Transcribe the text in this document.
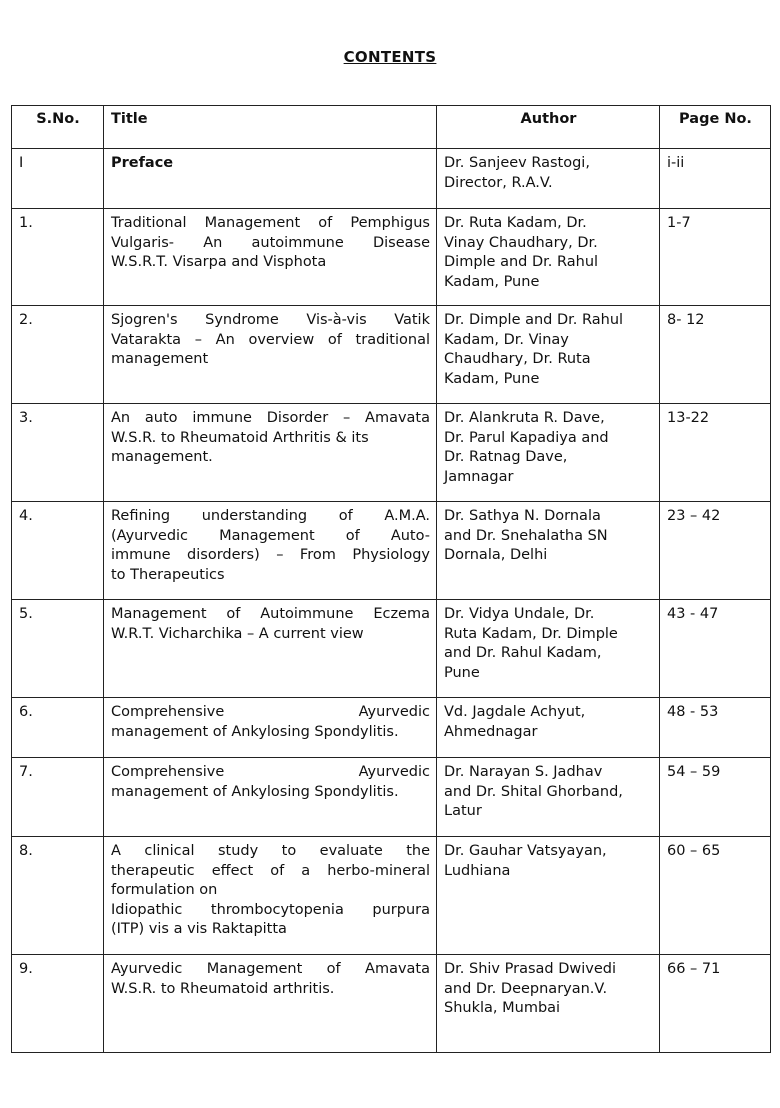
CONTENTS
S.No.	Title	Author	Page No.
I	Preface	Dr. Sanjeev Rastogi,
Director, R.A.V.	i-ii
1.	Traditional Management of Pemphigus
Vulgaris- An autoimmune Disease
W.S.R.T. Visarpa and Visphota	Dr. Ruta Kadam, Dr.
Vinay Chaudhary, Dr.
Dimple and Dr. Rahul
Kadam, Pune	1-7
2.	Sjogren's Syndrome Vis-à-vis Vatik
Vatarakta – An overview of traditional
management	Dr. Dimple and Dr. Rahul
Kadam, Dr. Vinay
Chaudhary, Dr. Ruta
Kadam, Pune	8- 12
3.	An auto immune Disorder – Amavata
W.S.R. to Rheumatoid Arthritis & its
management.	Dr. Alankruta R. Dave,
Dr. Parul Kapadiya and
Dr. Ratnag Dave,
Jamnagar	13-22
4.	Refining understanding of A.M.A.
(Ayurvedic Management of Auto-
immune disorders) – From Physiology
to Therapeutics	Dr. Sathya N. Dornala
and Dr. Snehalatha SN
Dornala, Delhi	23 – 42
5.	Management of Autoimmune Eczema
W.R.T. Vicharchika – A current view	Dr. Vidya Undale, Dr.
Ruta Kadam, Dr. Dimple
and Dr. Rahul Kadam,
Pune	43 - 47
6.	Comprehensive Ayurvedic
management of Ankylosing Spondylitis.	Vd. Jagdale Achyut,
Ahmednagar	48 - 53
7.	Comprehensive Ayurvedic
management of Ankylosing Spondylitis.	Dr. Narayan S. Jadhav
and Dr. Shital Ghorband,
Latur	54 – 59
8.	A clinical study to evaluate the
therapeutic effect of a herbo-mineral
formulation on
Idiopathic thrombocytopenia purpura
(ITP) vis a vis Raktapitta	Dr. Gauhar Vatsyayan,
Ludhiana	60 – 65
9.	Ayurvedic Management of Amavata
W.S.R. to Rheumatoid arthritis.	Dr. Shiv Prasad Dwivedi
and Dr. Deepnaryan.V.
Shukla, Mumbai	66 – 71
